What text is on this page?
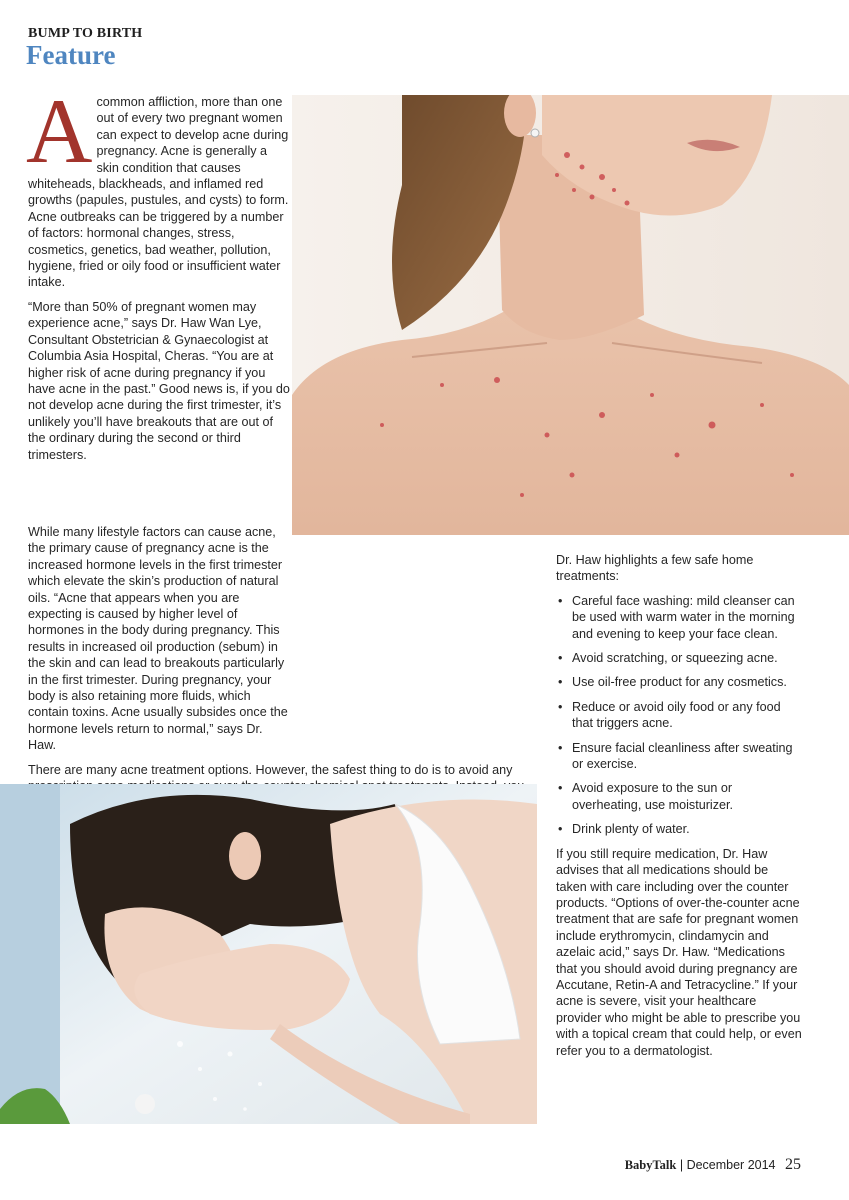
BUMP TO BIRTH
Feature

Acommon affliction, more than one out of every two pregnant women can expect to develop acne during pregnancy. Acne is generally a skin condition that causes whiteheads, blackheads, and inflamed red growths (papules, pustules, and cysts) to form. Acne outbreaks can be triggered by a number of factors: hormonal changes, stress, cosmetics, genetics, bad weather, pollution, hygiene, fried or oily food or insufficient water intake.

“More than 50% of pregnant women may experience acne,” says Dr. Haw Wan Lye, Consultant Obstetrician & Gynaecologist at Columbia Asia Hospital, Cheras. “You are at higher risk of acne during pregnancy if you have acne in the past.” Good news is, if you do not develop acne during the first trimester, it’s unlikely you’ll have breakouts that are out of the ordinary during the second or third trimesters.

While many lifestyle factors can cause acne, the primary cause of pregnancy acne is the increased hormone levels in the first trimester which elevate the skin’s production of natural oils. “Acne that appears when you are expecting is caused by higher level of hormones in the body during pregnancy. This results in increased oil production (sebum) in the skin and can lead to breakouts particularly in the first trimester. During pregnancy, your body is also retaining more fluids, which contain toxins. Acne usually subsides once the hormone levels return to normal,” says Dr. Haw.

There are many acne treatment options. However, the safest thing to do is to avoid any

Dr. Haw highlights a few safe home treatments:

• Careful face washing: mild cleanser can be used with warm water in the morning and evening to keep your face clean.
• Avoid scratching, or squeezing acne.
• Use oil-free product for any cosmetics.
• Reduce or avoid oily food or any food that triggers acne.
• Ensure facial cleanliness after sweating or exercise.
• Avoid exposure to the sun or overheating, use moisturizer.
• Drink plenty of water.

If you still require medication, Dr. Haw advises that all medications should be taken with care including over the counter products. “Options of over-the-counter acne treatment that are safe for pregnant women include erythromycin, clindamycin and azelaic acid,” says Dr. Haw. “Medications that you should avoid during pregnancy are Accutane, Retin-A and Tetracycline.” If your acne is severe, visit your healthcare provider who might be able to prescribe you with a topical cream that could help, or even refer you to a dermatologist.

BabyTalk | December 2014 25
